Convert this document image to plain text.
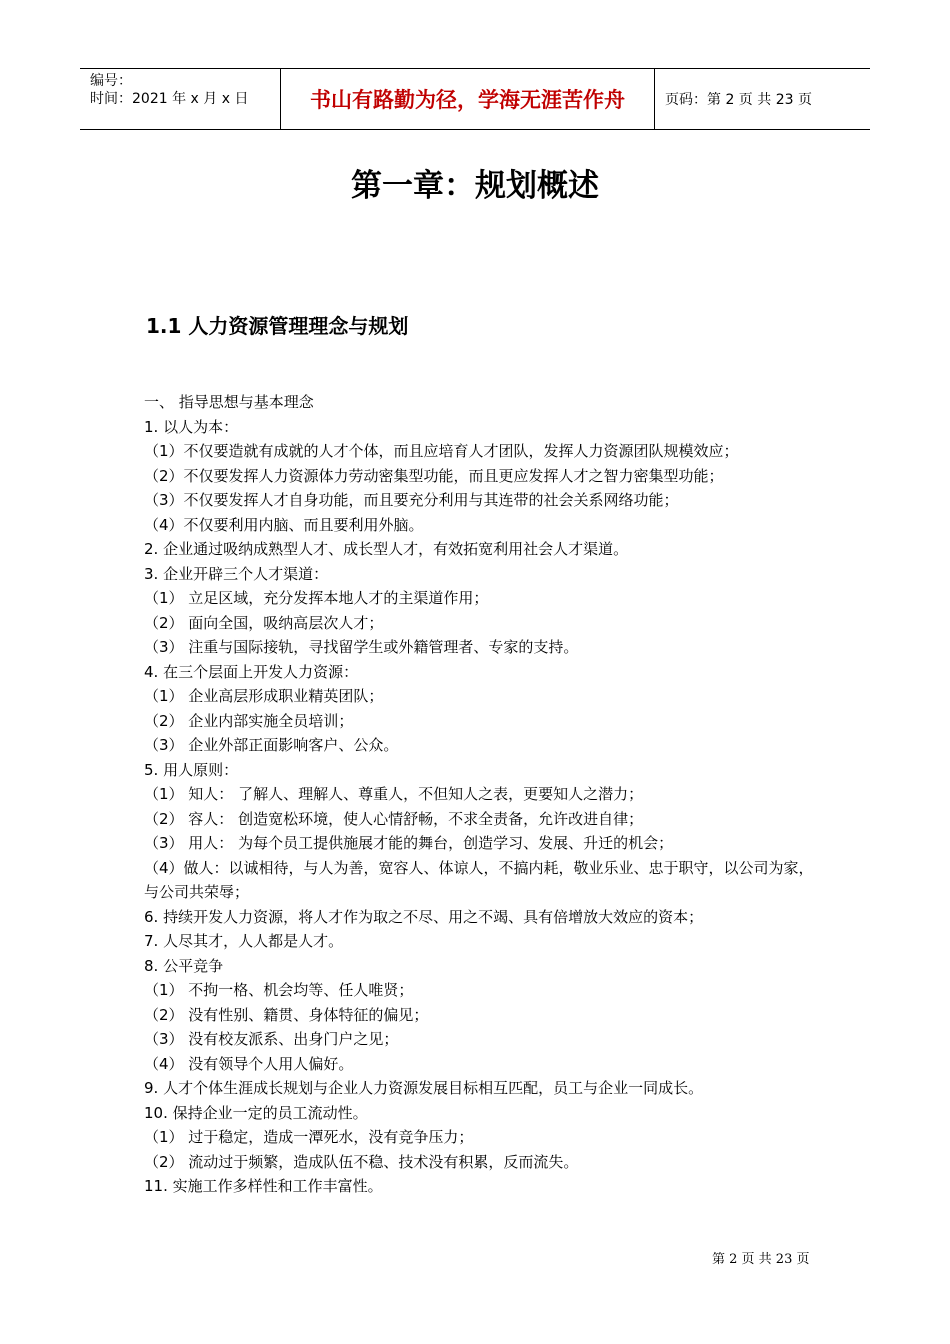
编号：
时间：2021 年 x 月 x 日	书山有路勤为径，学海无涯苦作舟	页码：第 2 页 共 23 页
第一章：规划概述
1.1 人力资源管理理念与规划
一、 指导思想与基本理念
1. 以人为本：
（1）不仅要造就有成就的人才个体，而且应培育人才团队，发挥人力资源团队规模效应；
（2）不仅要发挥人力资源体力劳动密集型功能，而且更应发挥人才之智力密集型功能；
（3）不仅要发挥人才自身功能，而且要充分利用与其连带的社会关系网络功能；
（4）不仅要利用内脑、而且要利用外脑。
2. 企业通过吸纳成熟型人才、成长型人才，有效拓宽利用社会人才渠道。
3. 企业开辟三个人才渠道：
（1） 立足区域，充分发挥本地人才的主渠道作用；
（2） 面向全国，吸纳高层次人才；
（3） 注重与国际接轨，寻找留学生或外籍管理者、专家的支持。
4. 在三个层面上开发人力资源：
（1） 企业高层形成职业精英团队；
（2） 企业内部实施全员培训；
（3） 企业外部正面影响客户、公众。
5. 用人原则：
（1） 知人： 了解人、理解人、尊重人，不但知人之表，更要知人之潜力；
（2） 容人： 创造宽松环境，使人心情舒畅，不求全责备，允许改进自律；
（3） 用人： 为每个员工提供施展才能的舞台，创造学习、发展、升迁的机会；
（4）做人：以诚相待，与人为善，宽容人、体谅人，不搞内耗，敬业乐业、忠于职守，以公司为家，与公司共荣辱；
6. 持续开发人力资源，将人才作为取之不尽、用之不竭、具有倍增放大效应的资本；
7. 人尽其才，人人都是人才。
8. 公平竞争
（1） 不拘一格、机会均等、任人唯贤；
（2） 没有性别、籍贯、身体特征的偏见；
（3） 没有校友派系、出身门户之见；
（4） 没有领导个人用人偏好。
9. 人才个体生涯成长规划与企业人力资源发展目标相互匹配，员工与企业一同成长。
10. 保持企业一定的员工流动性。
（1） 过于稳定，造成一潭死水，没有竞争压力；
（2） 流动过于频繁，造成队伍不稳、技术没有积累，反而流失。
11. 实施工作多样性和工作丰富性。
第 2 页 共 23 页
